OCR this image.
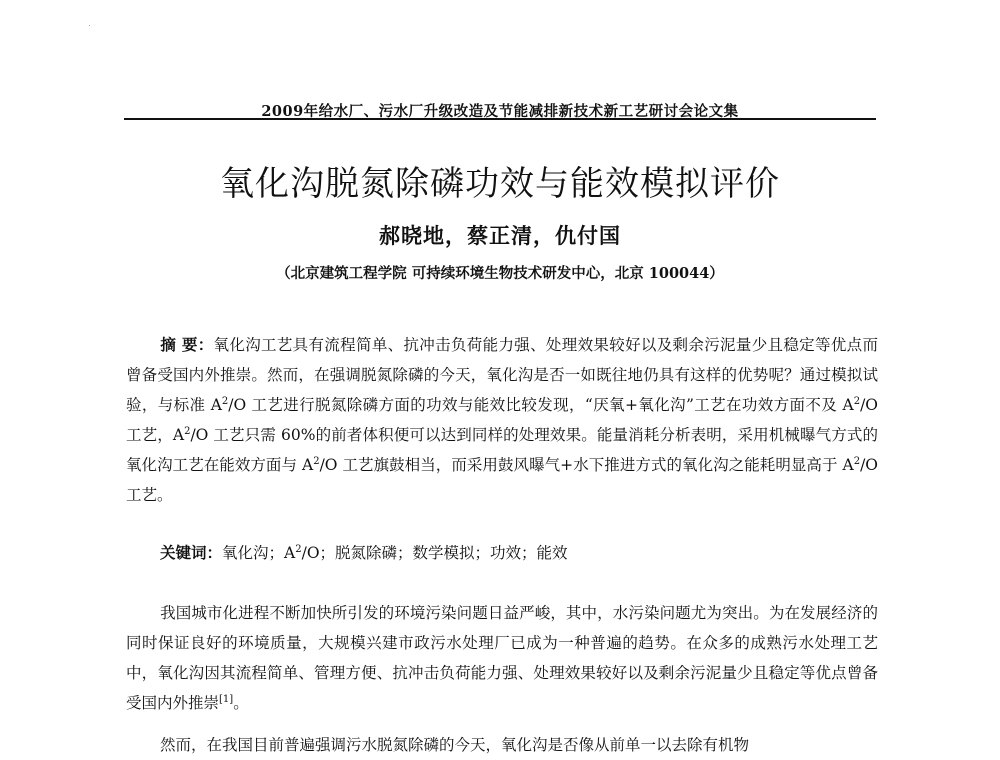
·
2009年给水厂、污水厂升级改造及节能减排新技术新工艺研讨会论文集
氧化沟脱氮除磷功效与能效模拟评价
郝晓地，蔡正清，仇付国
（北京建筑工程学院 可持续环境生物技术研发中心，北京 100044）
摘 要：氧化沟工艺具有流程简单、抗冲击负荷能力强、处理效果较好以及剩余污泥量少且稳定等优点而曾备受国内外推崇。然而，在强调脱氮除磷的今天，氧化沟是否一如既往地仍具有这样的优势呢？通过模拟试验，与标准 $A^2/O$ 工艺进行脱氮除磷方面的功效与能效比较发现，“厌氧+氧化沟”工艺在功效方面不及 $A^2/O$ 工艺，$A^2/O$ 工艺只需 60%的前者体积便可以达到同样的处理效果。能量消耗分析表明，采用机械曝气方式的氧化沟工艺在能效方面与 $A^2/O$ 工艺旗鼓相当，而采用鼓风曝气+水下推进方式的氧化沟之能耗明显高于 $A^2/O$ 工艺。
关键词：氧化沟；$A^2/O$；脱氮除磷；数学模拟；功效；能效
我国城市化进程不断加快所引发的环境污染问题日益严峻，其中，水污染问题尤为突出。为在发展经济的同时保证良好的环境质量，大规模兴建市政污水处理厂已成为一种普遍的趋势。在众多的成熟污水处理工艺中，氧化沟因其流程简单、管理方便、抗冲击负荷能力强、处理效果较好以及剩余污泥量少且稳定等优点曾备受国内外推崇[1]。
然而，在我国目前普遍强调污水脱氮除磷的今天，氧化沟是否像从前单一以去除有机物
